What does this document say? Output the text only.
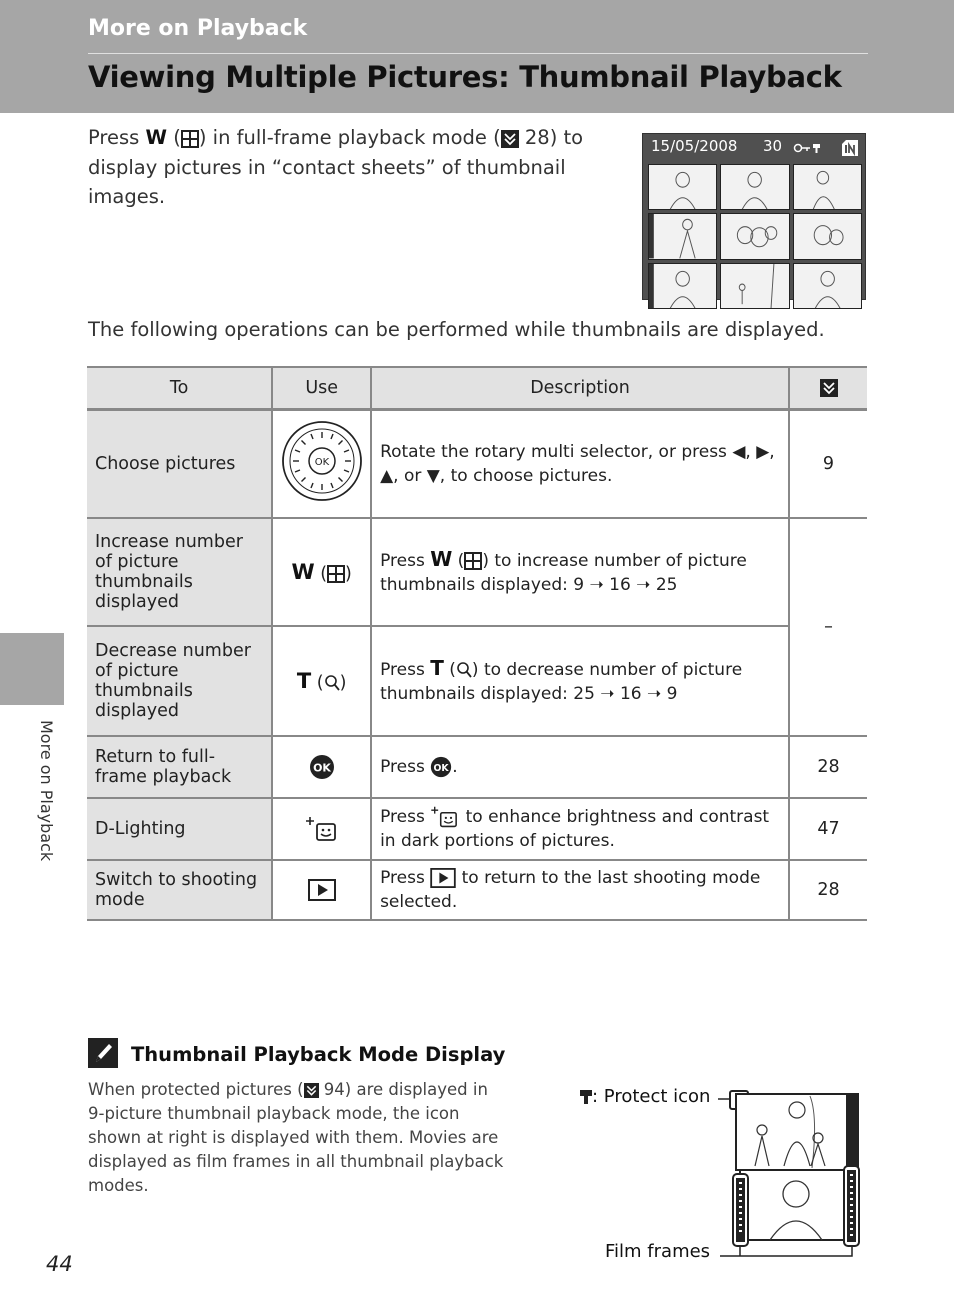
More on Playback
Viewing Multiple Pictures: Thumbnail Playback
Press W ( ) in full-frame playback mode ( 28) to display pictures in “contact sheets” of thumbnail images.
15/05/2008 30
The following operations can be performed while thumbnails are displayed.
To	Use	Description	
Choose pictures	OK	Rotate the rotary multi selector, or press ◀, ▶, ▲, or ▼, to choose pictures.	9
Increase number of picture thumbnails displayed	W ( )	Press W ( ) to increase number of picture thumbnails displayed: 9 ➝ 16 ➝ 25	–
Decrease number of picture thumbnails displayed	T ( )	Press T ( ) to decrease number of picture thumbnails displayed: 25 ➝ 16 ➝ 9	
Return to full-frame playback	OK	Press OK .	28
D-Lighting		Press  to enhance brightness and contrast in dark portions of pictures.	47
Switch to shooting mode		Press  to return to the last shooting mode selected.	28
More on Playback
Thumbnail Playback Mode Display
When protected pictures ( 94) are displayed in 9-picture thumbnail playback mode, the icon shown at right is displayed with them. Movies are displayed as film frames in all thumbnail playback modes.
: Protect icon
Film frames
44
